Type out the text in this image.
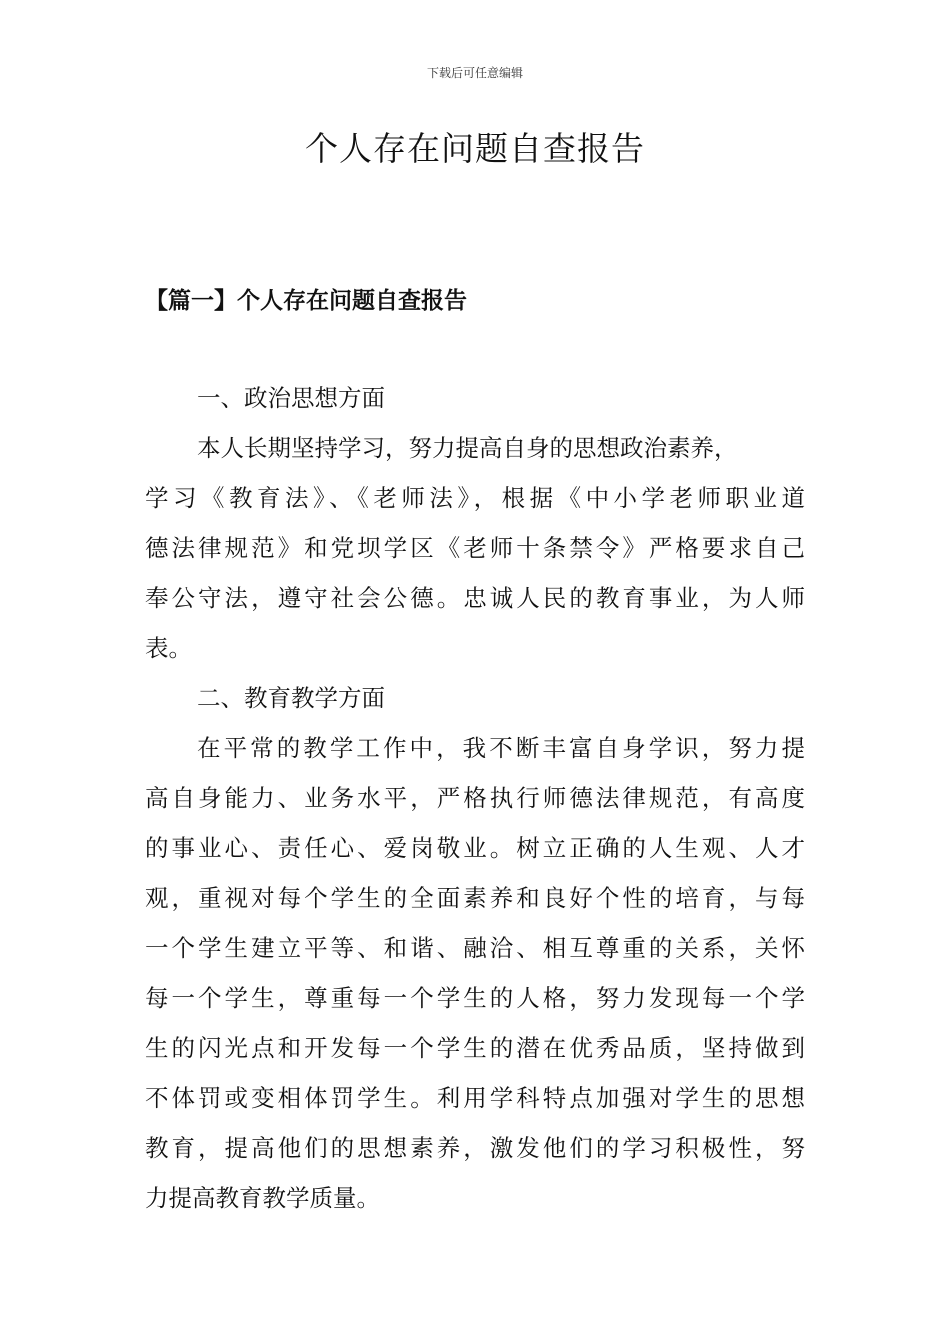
下载后可任意编辑
个人存在问题自查报告
【篇一】个人存在问题自查报告

一、政治思想方面

本人长期坚持学习，努力提高自身的思想政治素养，

学习《教育法》、《老师法》，根据《中小学老师职业道

德法律规范》和党坝学区《老师十条禁令》严格要求自己

奉公守法，遵守社会公德。忠诚人民的教育事业，为人师

表。

二、教育教学方面

在平常的教学工作中，我不断丰富自身学识，努力提

高自身能力、业务水平，严格执行师德法律规范，有高度

的事业心、责任心、爱岗敬业。树立正确的人生观、人才

观，重视对每个学生的全面素养和良好个性的培育，与每

一个学生建立平等、和谐、融洽、相互尊重的关系，关怀

每一个学生，尊重每一个学生的人格，努力发现每一个学

生的闪光点和开发每一个学生的潜在优秀品质，坚持做到

不体罚或变相体罚学生。利用学科特点加强对学生的思想

教育，提高他们的思想素养，激发他们的学习积极性，努

力提高教育教学质量。
